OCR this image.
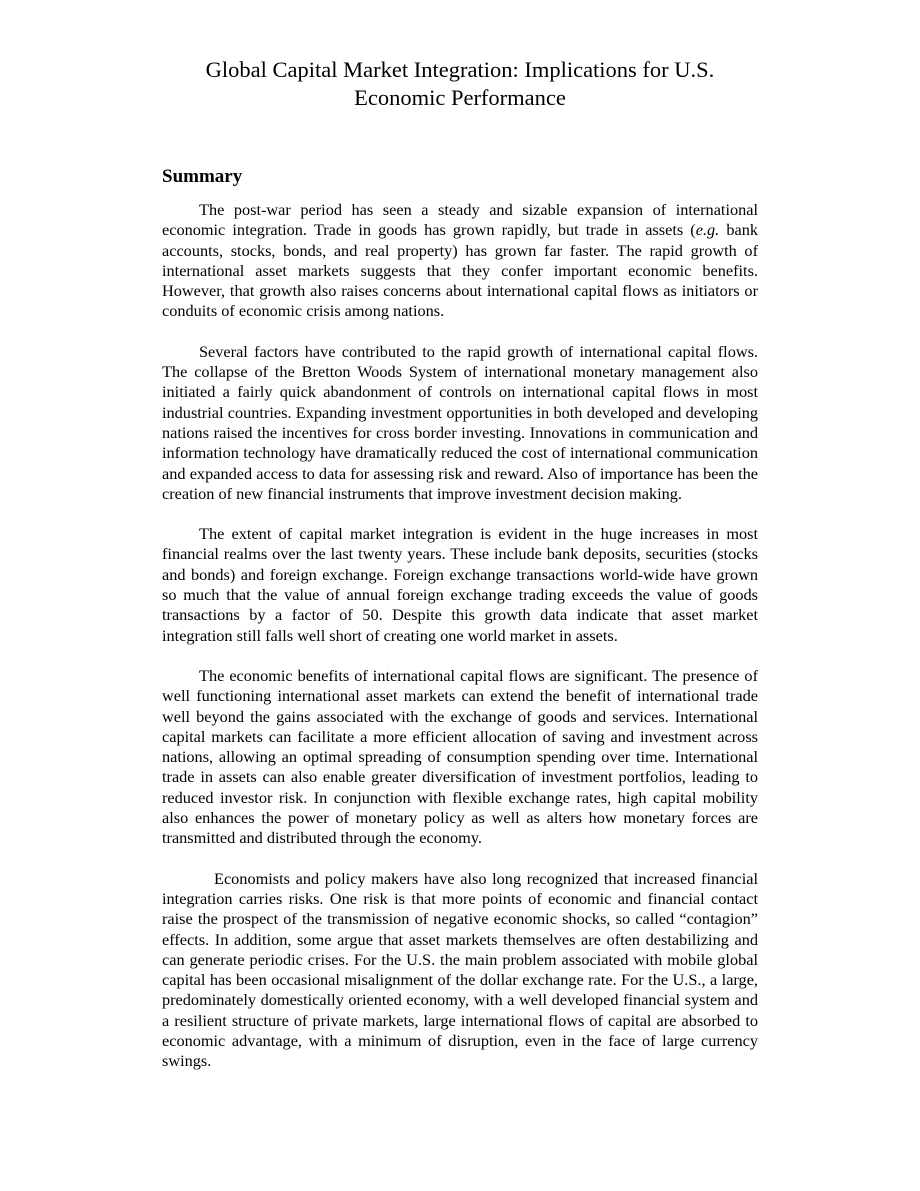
Global Capital Market Integration: Implications for U.S.
Economic Performance
Summary

The post-war period has seen a steady and sizable expansion of international economic integration. Trade in goods has grown rapidly, but trade in assets (e.g. bank accounts, stocks, bonds, and real property) has grown far faster. The rapid growth of international asset markets suggests that they confer important economic benefits. However, that growth also raises concerns about international capital flows as initiators or conduits of economic crisis among nations.

Several factors have contributed to the rapid growth of international capital flows. The collapse of the Bretton Woods System of international monetary management also initiated a fairly quick abandonment of controls on international capital flows in most industrial countries. Expanding investment opportunities in both developed and developing nations raised the incentives for cross border investing. Innovations in communication and information technology have dramatically reduced the cost of international communication and expanded access to data for assessing risk and reward. Also of importance has been the creation of new financial instruments that improve investment decision making.

The extent of capital market integration is evident in the huge increases in most financial realms over the last twenty years. These include bank deposits, securities (stocks and bonds) and foreign exchange. Foreign exchange transactions world-wide have grown so much that the value of annual foreign exchange trading exceeds the value of goods transactions by a factor of 50. Despite this growth data indicate that asset market integration still falls well short of creating one world market in assets.

The economic benefits of international capital flows are significant. The presence of well functioning international asset markets can extend the benefit of international trade well beyond the gains associated with the exchange of goods and services. International capital markets can facilitate a more efficient allocation of saving and investment across nations, allowing an optimal spreading of consumption spending over time. International trade in assets can also enable greater diversification of investment portfolios, leading to reduced investor risk. In conjunction with flexible exchange rates, high capital mobility also enhances the power of monetary policy as well as alters how monetary forces are transmitted and distributed through the economy.

Economists and policy makers have also long recognized that increased financial integration carries risks. One risk is that more points of economic and financial contact raise the prospect of the transmission of negative economic shocks, so called “contagion” effects. In addition, some argue that asset markets themselves are often destabilizing and can generate periodic crises. For the U.S. the main problem associated with mobile global capital has been occasional misalignment of the dollar exchange rate. For the U.S., a large, predominately domestically oriented economy, with a well developed financial system and a resilient structure of private markets, large international flows of capital are absorbed to economic advantage, with a minimum of disruption, even in the face of large currency swings.
